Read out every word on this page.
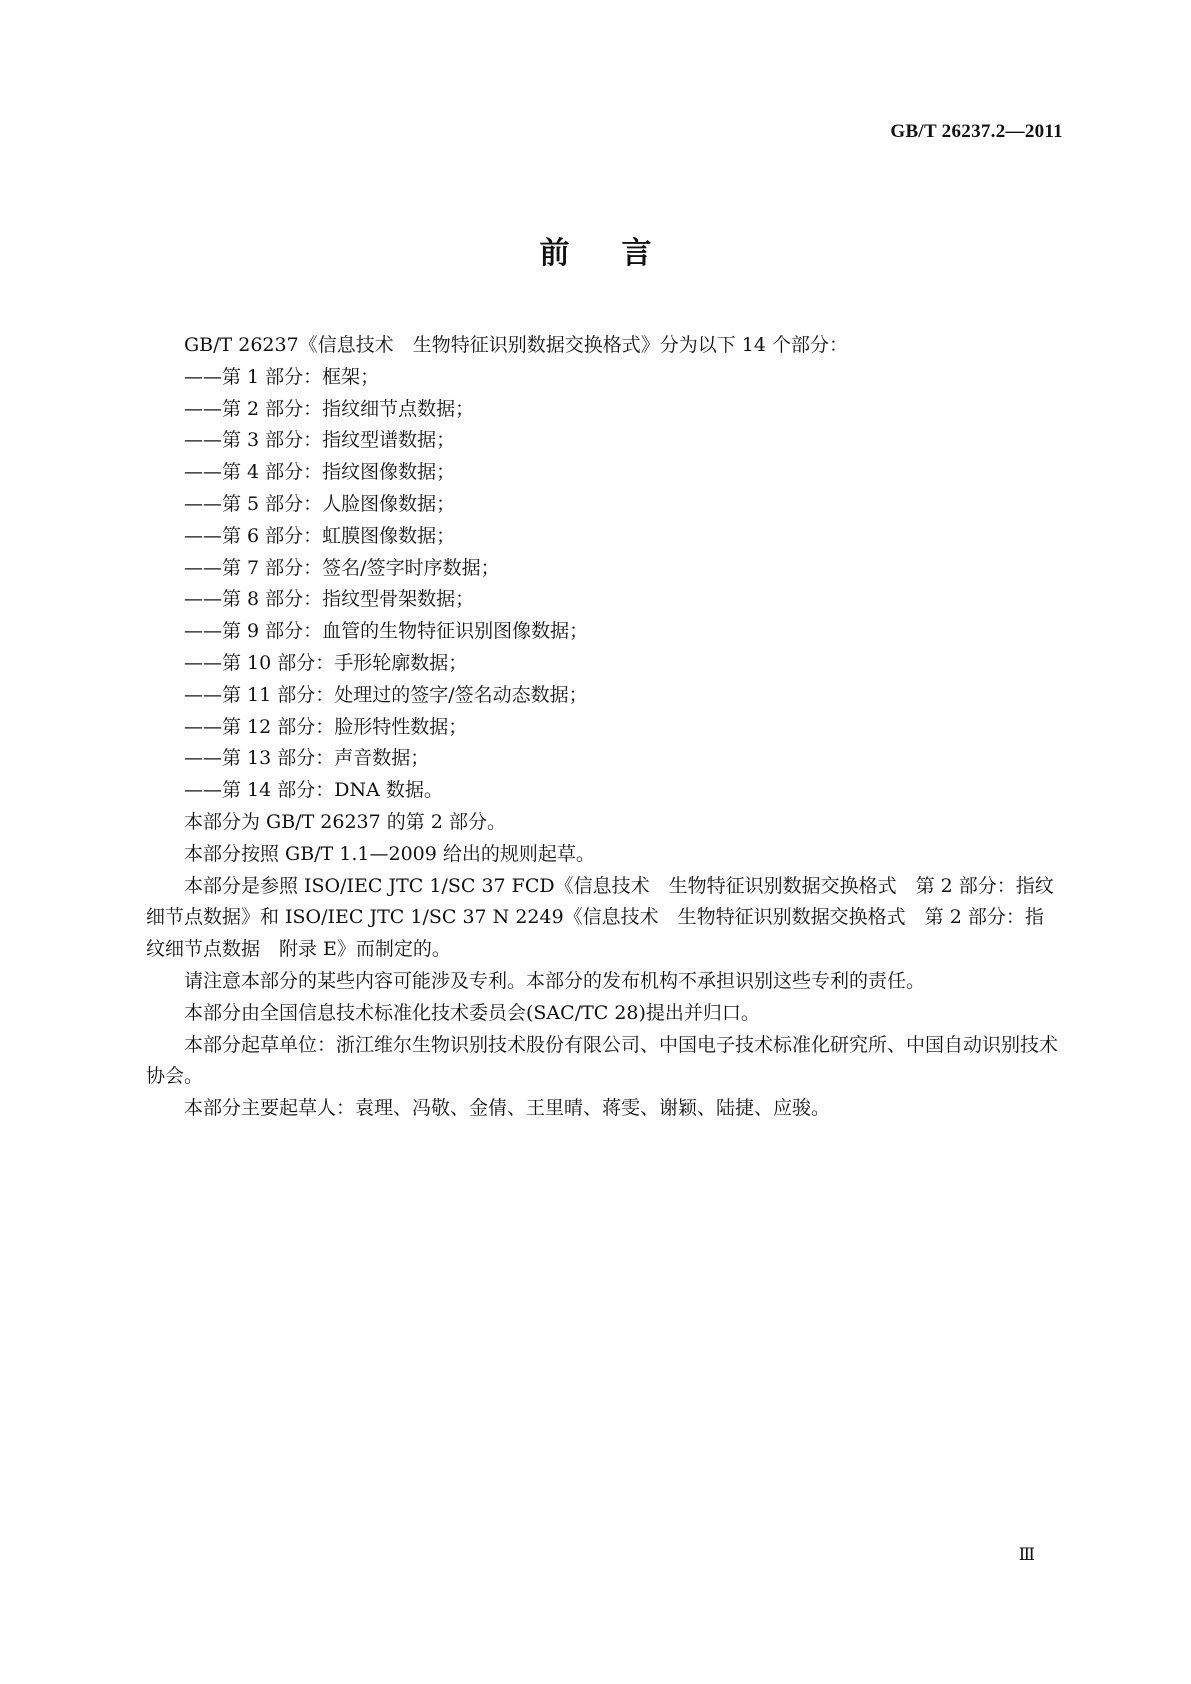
GB/T 26237.2—2011
前言

GB/T 26237《信息技术　生物特征识别数据交换格式》分为以下 14 个部分：

——第 1 部分：框架；

——第 2 部分：指纹细节点数据；

——第 3 部分：指纹型谱数据；

——第 4 部分：指纹图像数据；

——第 5 部分：人脸图像数据；

——第 6 部分：虹膜图像数据；

——第 7 部分：签名/签字时序数据；

——第 8 部分：指纹型骨架数据；

——第 9 部分：血管的生物特征识别图像数据；

——第 10 部分：手形轮廓数据；

——第 11 部分：处理过的签字/签名动态数据；

——第 12 部分：脸形特性数据；

——第 13 部分：声音数据；

——第 14 部分：DNA 数据。

本部分为 GB/T 26237 的第 2 部分。

本部分按照 GB/T 1.1—2009 给出的规则起草。

本部分是参照 ISO/IEC JTC 1/SC 37 FCD《信息技术　生物特征识别数据交换格式　第 2 部分：指纹细节点数据》和 ISO/IEC JTC 1/SC 37 N 2249《信息技术　生物特征识别数据交换格式　第 2 部分：指纹细节点数据　附录 E》而制定的。

请注意本部分的某些内容可能涉及专利。本部分的发布机构不承担识别这些专利的责任。

本部分由全国信息技术标准化技术委员会(SAC/TC 28)提出并归口。

本部分起草单位：浙江维尔生物识别技术股份有限公司、中国电子技术标准化研究所、中国自动识别技术协会。

本部分主要起草人：袁理、冯敬、金倩、王里晴、蒋雯、谢颖、陆捷、应骏。

Ⅲ
